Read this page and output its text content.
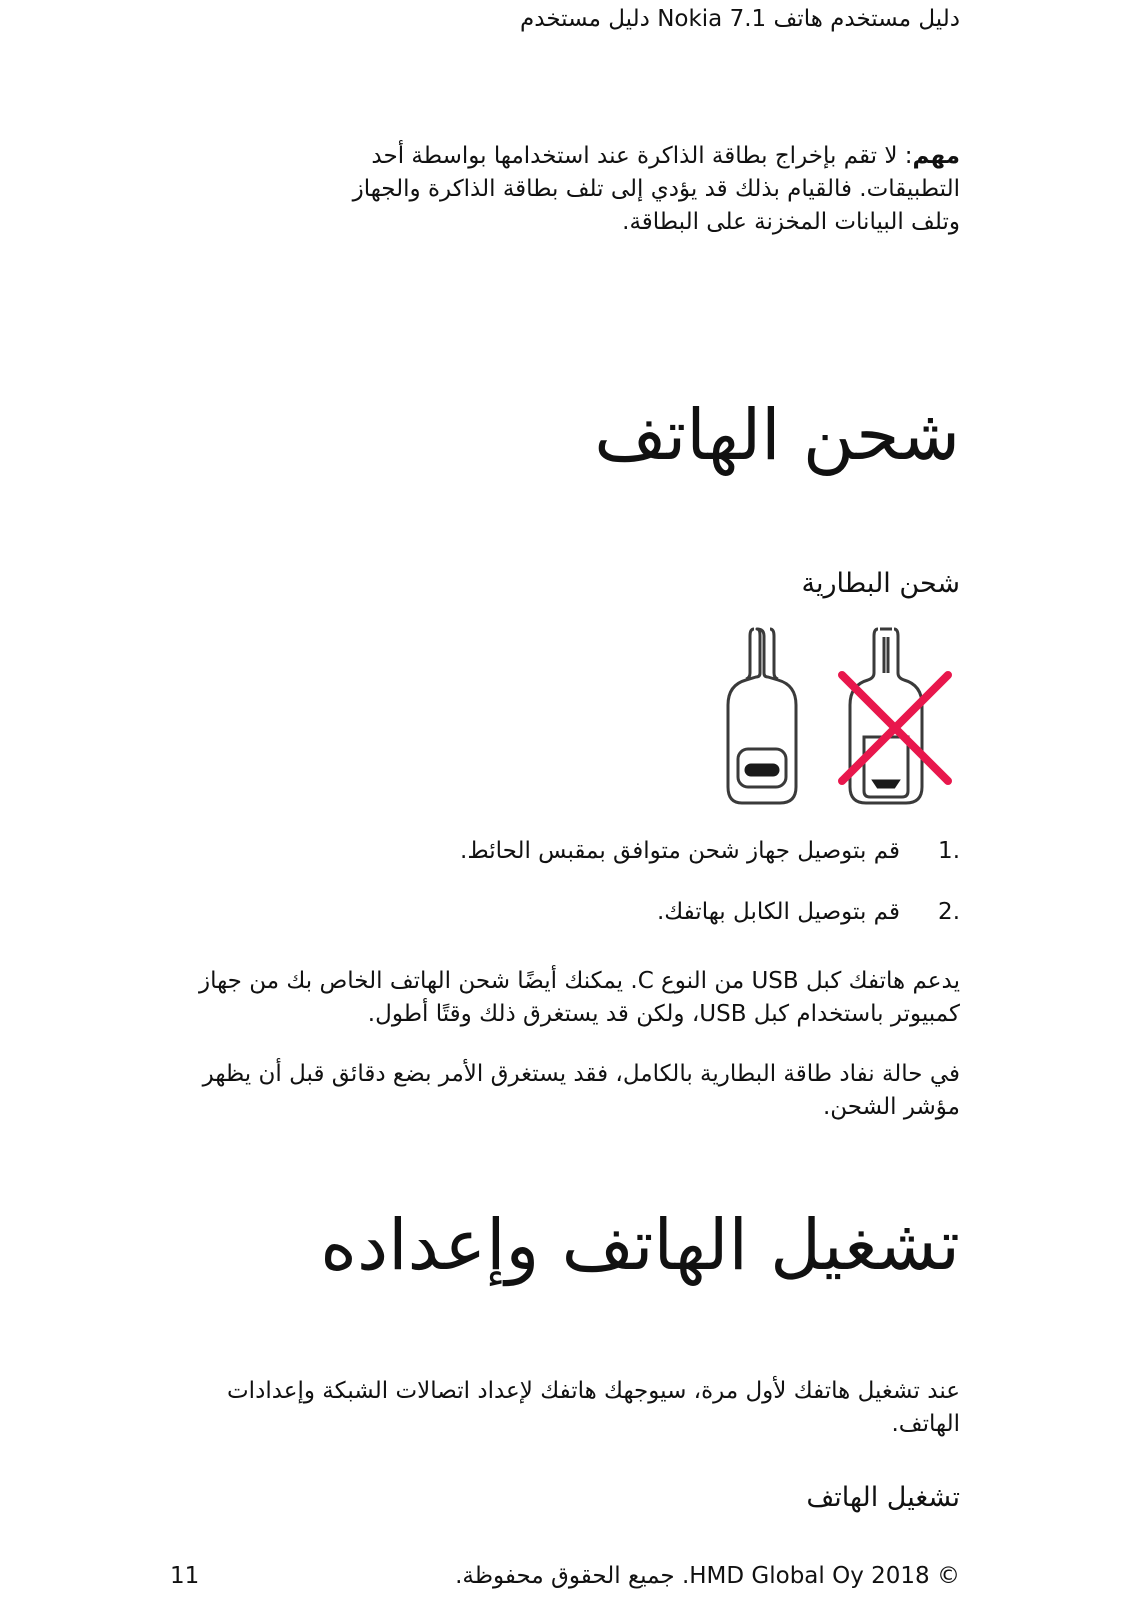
دليل مستخدم هاتف Nokia 7.1 دليل مستخدم

مهم: لا تقم بإخراج بطاقة الذاكرة عند استخدامها بواسطة أحد التطبيقات. فالقيام بذلك قد يؤدي إلى تلف بطاقة الذاكرة والجهاز وتلف البيانات المخزنة على البطاقة.

شحن الهاتف
شحن البطارية
1 .
قم بتوصيل جهاز شحن متوافق بمقبس الحائط.
2 .
قم بتوصيل الكابل بهاتفك.

يدعم هاتفك كبل USB من النوع C. يمكنك أيضًا شحن الهاتف الخاص بك من جهاز كمبيوتر باستخدام كبل USB، ولكن قد يستغرق ذلك وقتًا أطول.

في حالة نفاد طاقة البطارية بالكامل، فقد يستغرق الأمر بضع دقائق قبل أن يظهر مؤشر الشحن.

تشغيل الهاتف وإعداده

عند تشغيل هاتفك لأول مرة، سيوجهك هاتفك لإعداد اتصالات الشبكة وإعدادات الهاتف.

تشغيل الهاتف
11	© 2018 HMD Global Oy. جميع الحقوق محفوظة.
